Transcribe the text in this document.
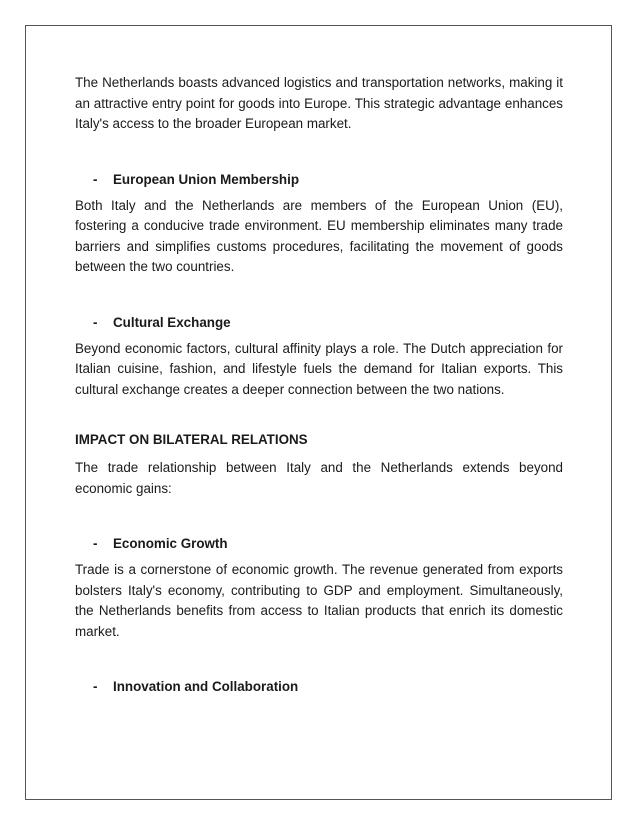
The Netherlands boasts advanced logistics and transportation networks, making it an attractive entry point for goods into Europe. This strategic advantage enhances Italy's access to the broader European market.

-	European Union Membership

Both Italy and the Netherlands are members of the European Union (EU), fostering a conducive trade environment. EU membership eliminates many trade barriers and simplifies customs procedures, facilitating the movement of goods between the two countries.

-	Cultural Exchange

Beyond economic factors, cultural affinity plays a role. The Dutch appreciation for Italian cuisine, fashion, and lifestyle fuels the demand for Italian exports. This cultural exchange creates a deeper connection between the two nations.

IMPACT ON BILATERAL RELATIONS

The trade relationship between Italy and the Netherlands extends beyond economic gains:

-	Economic Growth

Trade is a cornerstone of economic growth. The revenue generated from exports bolsters Italy's economy, contributing to GDP and employment. Simultaneously, the Netherlands benefits from access to Italian products that enrich its domestic market.

-	Innovation and Collaboration
